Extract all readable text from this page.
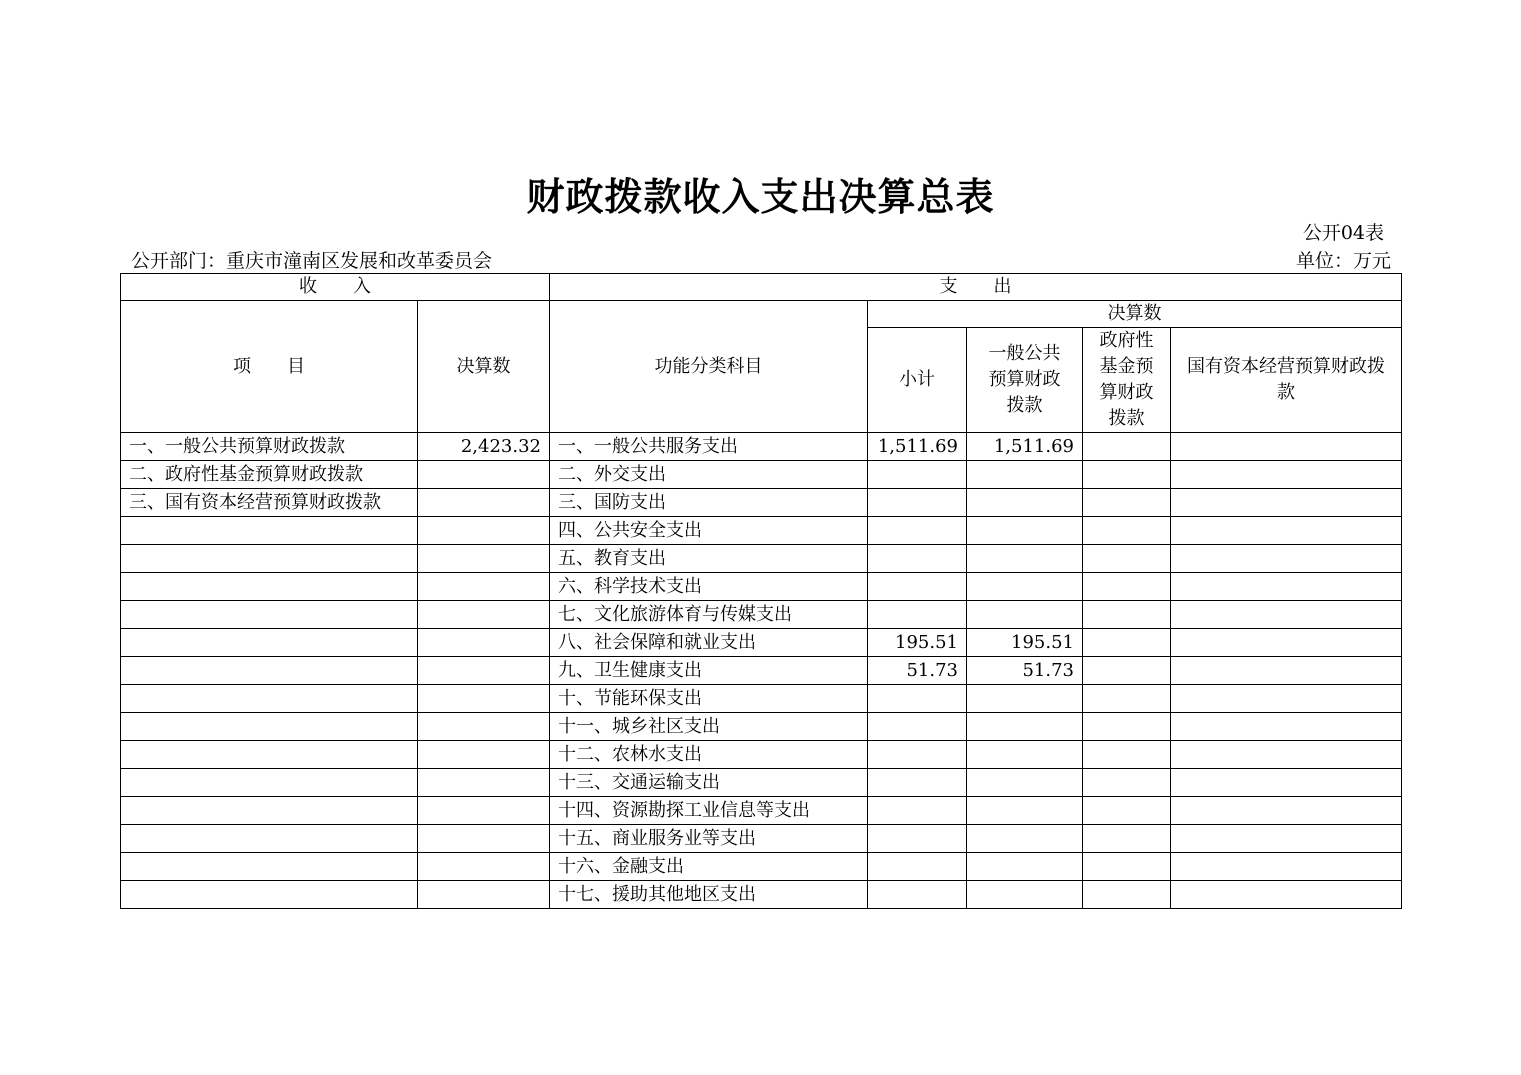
财政拨款收入支出决算总表
公开04表
公开部门：重庆市潼南区发展和改革委员会	单位：万元
收　　入		支　　出				
项　　目	决算数	功能分类科目	决算数			
			小计	一般公共预算财政拨款	政府性基金预算财政拨款	国有资本经营预算财政拨款
一、一般公共预算财政拨款	2,423.32	一、一般公共服务支出	1,511.69	1,511.69		
二、政府性基金预算财政拨款		二、外交支出				
三、国有资本经营预算财政拨款		三、国防支出				
		四、公共安全支出				
		五、教育支出				
		六、科学技术支出				
		七、文化旅游体育与传媒支出				
		八、社会保障和就业支出	195.51	195.51		
		九、卫生健康支出	51.73	51.73		
		十、节能环保支出				
		十一、城乡社区支出				
		十二、农林水支出				
		十三、交通运输支出				
		十四、资源勘探工业信息等支出				
		十五、商业服务业等支出				
		十六、金融支出				
		十七、援助其他地区支出				
